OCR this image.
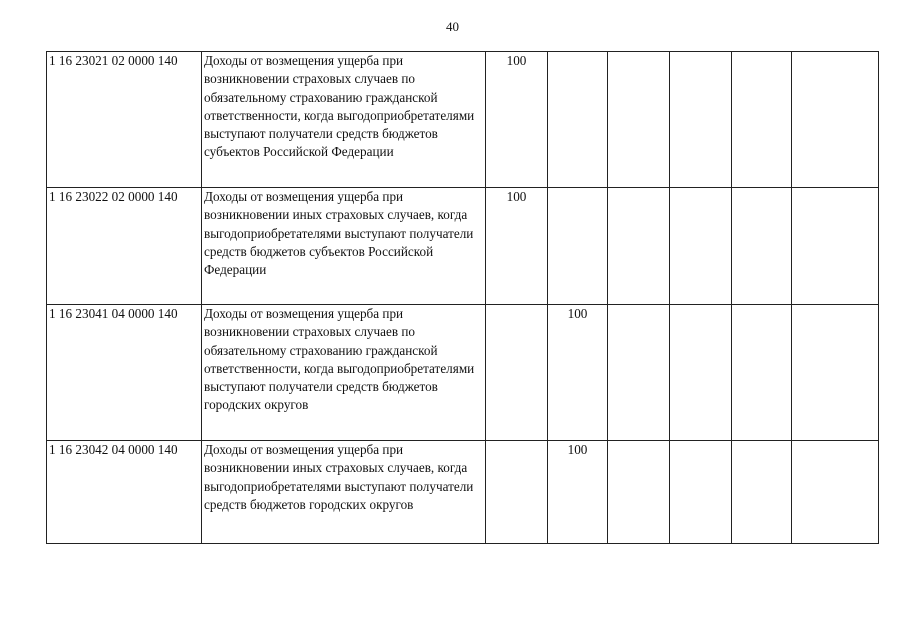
40
1 16 23021 02 0000 140	Доходы от возмещения ущерба при возникновении страховых случаев по обязательному страхованию гражданской ответственности, когда выгодоприобретателями выступают получатели средств бюджетов субъектов Российской Федерации	100					
1 16 23022 02 0000 140	Доходы от возмещения ущерба при возникновении иных страховых случаев, когда выгодоприобретателями выступают получатели средств бюджетов субъектов Российской Федерации	100					
1 16 23041 04 0000 140	Доходы от возмещения ущерба при возникновении страховых случаев по обязательному страхованию гражданской ответственности, когда выгодоприобретателями выступают получатели средств бюджетов городских округов		100				
1 16 23042 04 0000 140	Доходы от возмещения ущерба при возникновении иных страховых случаев, когда выгодоприобретателями выступают получатели средств бюджетов городских округов		100				
